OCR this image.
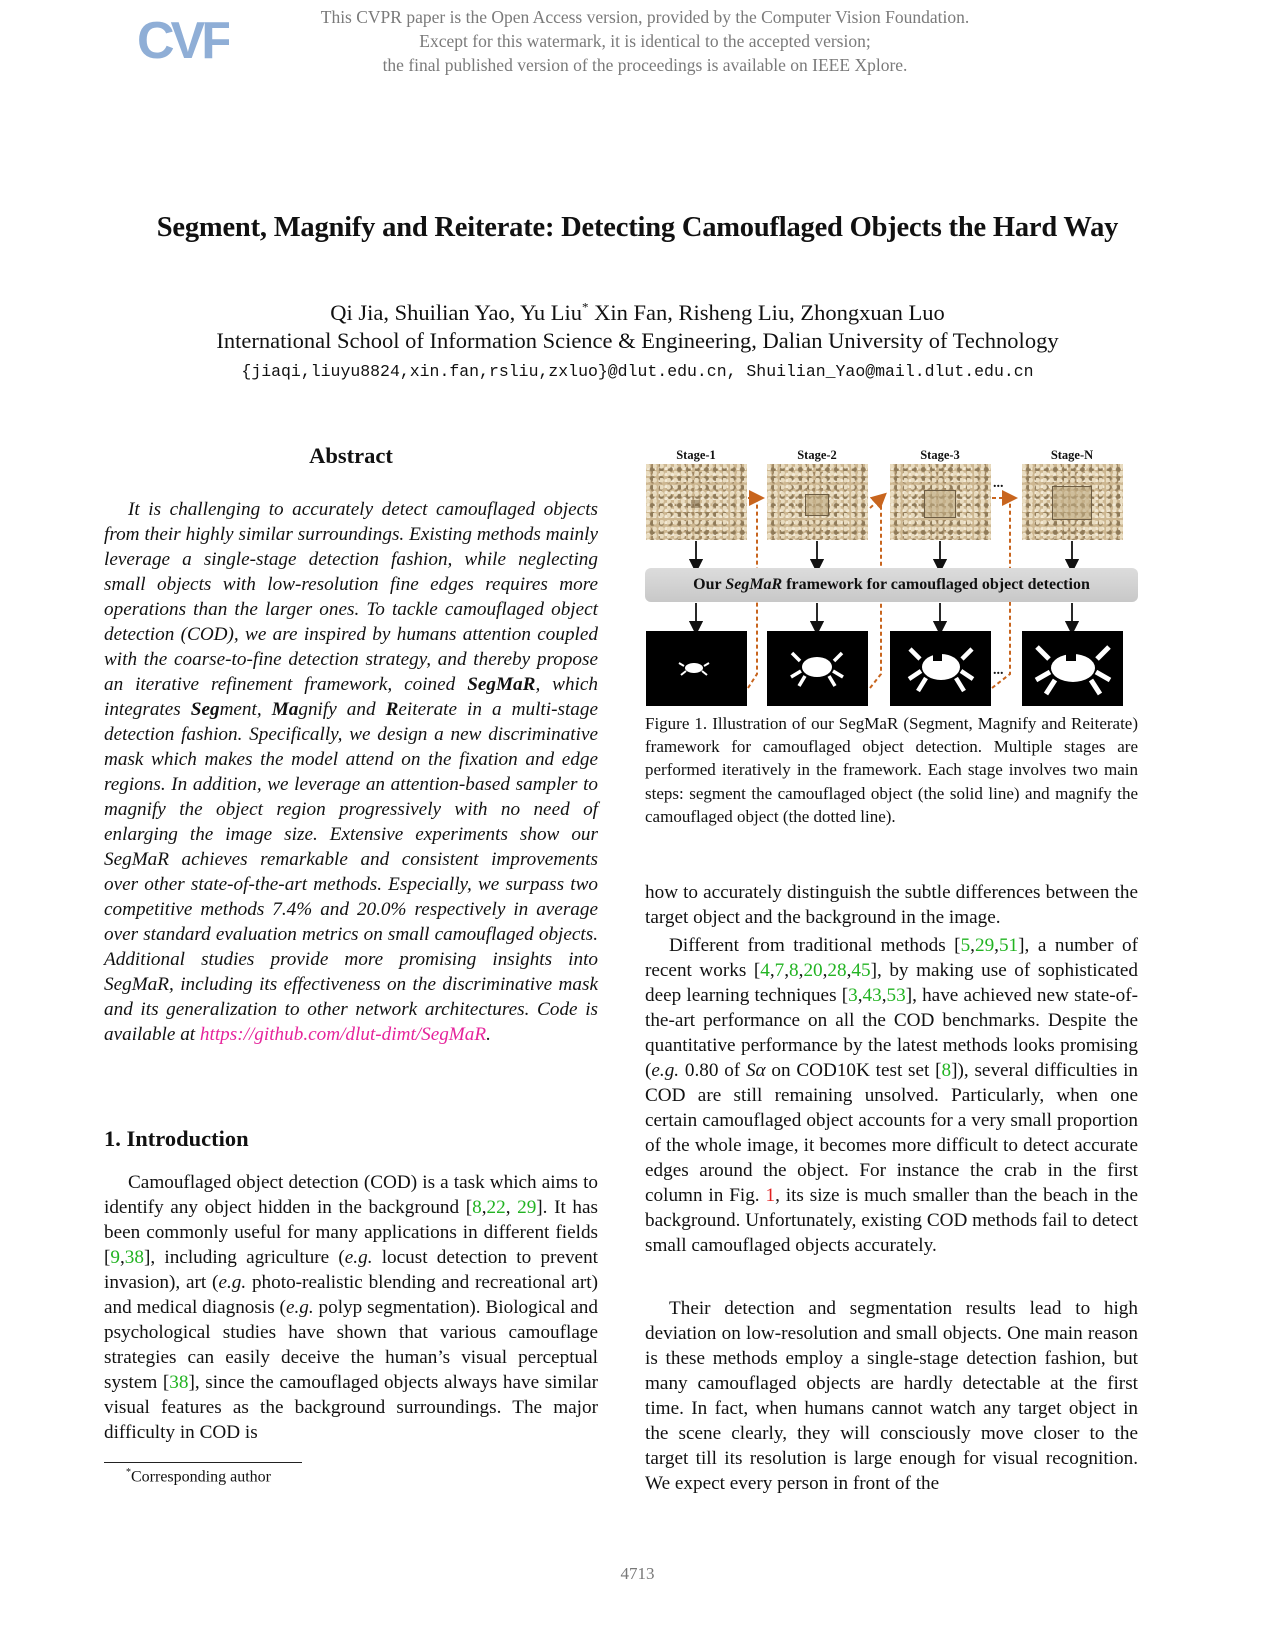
CVF	This CVPR paper is the Open Access version, provided by the Computer Vision Foundation.
Except for this watermark, it is identical to the accepted version;
the final published version of the proceedings is available on IEEE Xplore.
Segment, Magnify and Reiterate: Detecting Camouflaged Objects the Hard Way
Qi Jia, Shuilian Yao, Yu Liu* Xin Fan, Risheng Liu, Zhongxuan Luo
International School of Information Science & Engineering, Dalian University of Technology
{jiaqi,liuyu8824,xin.fan,rsliu,zxluo}@dlut.edu.cn, Shuilian_Yao@mail.dlut.edu.cn
Abstract

It is challenging to accurately detect camouflaged objects from their highly similar surroundings. Existing methods mainly leverage a single-stage detection fashion, while neglecting small objects with low-resolution fine edges requires more operations than the larger ones. To tackle camouflaged object detection (COD), we are inspired by humans attention coupled with the coarse-to-fine detection strategy, and thereby propose an iterative refinement framework, coined SegMaR, which integrates Segment, Magnify and Reiterate in a multi-stage detection fashion. Specifically, we design a new discriminative mask which makes the model attend on the fixation and edge regions. In addition, we leverage an attention-based sampler to magnify the object region progressively with no need of enlarging the image size. Extensive experiments show our SegMaR achieves remarkable and consistent improvements over other state-of-the-art methods. Especially, we surpass two competitive methods 7.4% and 20.0% respectively in average over standard evaluation metrics on small camouflaged objects. Additional studies provide more promising insights into SegMaR, including its effectiveness on the discriminative mask and its generalization to other network architectures. Code is available at https://github.com/dlut-dimt/SegMaR.

1. Introduction

Camouflaged object detection (COD) is a task which aims to identify any object hidden in the background [8,22, 29]. It has been commonly useful for many applications in different fields [9,38], including agriculture (e.g. locust detection to prevent invasion), art (e.g. photo-realistic blending and recreational art) and medical diagnosis (e.g. polyp segmentation). Biological and psychological studies have shown that various camouflage strategies can easily deceive the human’s visual perceptual system [38], since the camouflaged objects always have similar visual features as the background surroundings. The major difficulty in COD is

*Corresponding author
Stage-1	Stage-2	Stage-3	Stage-N
...
Our SegMaR framework for camouflaged object detection
...

Figure 1. Illustration of our SegMaR (Segment, Magnify and Reiterate) framework for camouflaged object detection. Multiple stages are performed iteratively in the framework. Each stage involves two main steps: segment the camouflaged object (the solid line) and magnify the camouflaged object (the dotted line).

how to accurately distinguish the subtle differences between the target object and the background in the image.

Different from traditional methods [5,29,51], a number of recent works [4,7,8,20,28,45], by making use of sophisticated deep learning techniques [3,43,53], have achieved new state-of-the-art performance on all the COD benchmarks. Despite the quantitative performance by the latest methods looks promising (e.g. 0.80 of Sα on COD10K test set [8]), several difficulties in COD are still remaining unsolved. Particularly, when one certain camouflaged object accounts for a very small proportion of the whole image, it becomes more difficult to detect accurate edges around the object. For instance the crab in the first column in Fig. 1, its size is much smaller than the beach in the background. Unfortunately, existing COD methods fail to detect small camouflaged objects accurately.

Their detection and segmentation results lead to high deviation on low-resolution and small objects. One main reason is these methods employ a single-stage detection fashion, but many camouflaged objects are hardly detectable at the first time. In fact, when humans cannot watch any target object in the scene clearly, they will consciously move closer to the target till its resolution is large enough for visual recognition. We expect every person in front of the

4713
